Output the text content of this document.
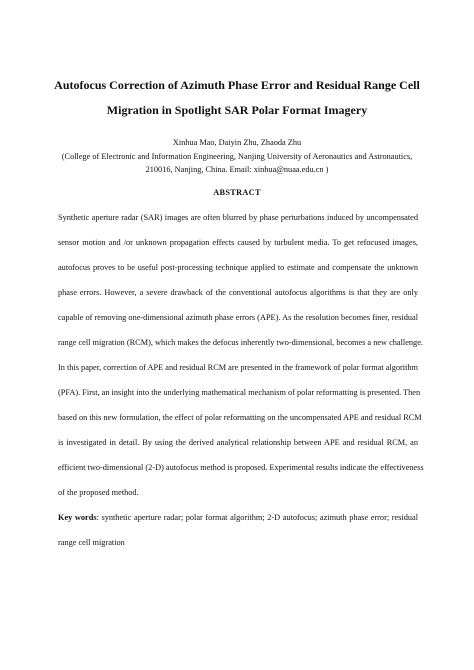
Autofocus Correction of Azimuth Phase Error and Residual Range Cell
Migration in Spotlight SAR Polar Format Imagery
Xinhua Mao, Daiyin Zhu, Zhaoda Zhu
(College of Electronic and Information Engineering, Nanjing University of Aeronautics and Astronautics,
210016, Nanjing, China. Email: xinhua@nuaa.edu.cn )
ABSTRACT
Synthetic aperture radar (SAR) images are often blurred by phase perturbations induced by uncompensated
sensor motion and /or unknown propagation effects caused by turbulent media. To get refocused images,
autofocus proves to be useful post-processing technique applied to estimate and compensate the unknown
phase errors. However, a severe drawback of the conventional autofocus algorithms is that they are only
capable of removing one-dimensional azimuth phase errors (APE). As the resolution becomes finer, residual
range cell migration (RCM), which makes the defocus inherently two-dimensional, becomes a new challenge.
In this paper, correction of APE and residual RCM are presented in the framework of polar format algorithm
(PFA). First, an insight into the underlying mathematical mechanism of polar reformatting is presented. Then
based on this new formulation, the effect of polar reformatting on the uncompensated APE and residual RCM
is investigated in detail. By using the derived analytical relationship between APE and residual RCM, an
efficient two-dimensional (2-D) autofocus method is proposed. Experimental results indicate the effectiveness
of the proposed method.
Key words: synthetic aperture radar; polar format algorithm; 2-D autofocus; azimuth phase error; residual
range cell migration
